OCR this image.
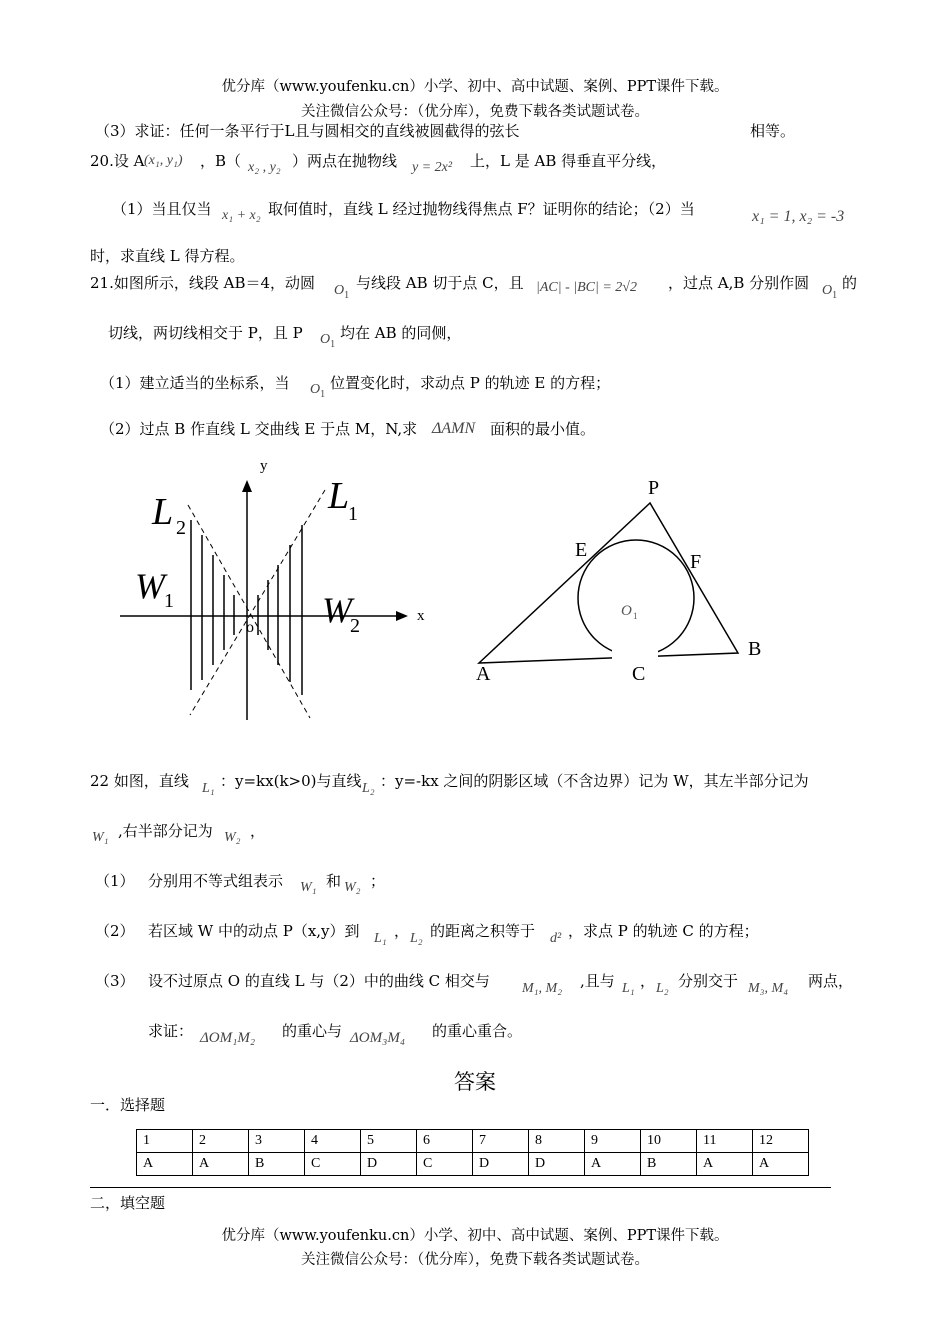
优分库（www.youfenku.cn）小学、初中、高中试题、案例、PPT课件下载。
关注微信公众号：（优分库），免费下载各类试题试卷。
（3）求证：任何一条平行于L且与圆相交的直线被圆截得的弦长	相等。
20.设 A (x₁, y₁) ，B（ x₂ , y₂ ）两点在抛物线 y = 2x² 上，L 是 AB 得垂直平分线，
（1）当且仅当 x₁ + x₂ 取何值时，直线 L 经过抛物线得焦点 F？证明你的结论；（2）当	x₁ = 1, x₂ = -3
时，求直线 L 得方程。
21.如图所示，线段 AB＝4，动圆 $O_1$
与线段 AB 切于点 C，且 |AC| - |BC| = 2√2 ，过点 A,B 分别作圆 $O_1$
的
切线，两切线相交于 P，且 P $O_1$
均在 AB 的同侧，
（1）建立适当的坐标系，当 $O_1$
位置变化时，求动点 P 的轨迹 E 的方程；
（2）过点 B 作直线 L 交曲线 E 于点 M，N,求 ΔAMN 面积的最小值。
y
x
o
L 2
L
1
W 1	W
2
P
E
F
B
A	C
O 1
22 如图，直线 L₁ ：y=kx(k>0)与直线 L₂ ：y=-kx 之间的阴影区域（不含边界）记为 W，其左半部分记为
W₁ ,右半部分记为 W₂ ，
（1） 分别用不等式组表示 W₁ 和 W₂ ；
（2） 若区域 W 中的动点 P（x,y）到 L₁ ， L₂ 的距离之积等于 d² ，求点 P 的轨迹 C 的方程；
（3） 设不过原点 O 的直线 L 与（2）中的曲线 C 相交与 M₁, M₂ ,且与 L₁ ， L₂ 分别交于 M₃, M₄ 两点，
求证： ΔOM₁M₂ 的重心与 ΔOM₃M₄ 的重心重合。
答案
一．选择题
1	2	3	4	5	6	7	8	9	10	11	12
A	A	B	C	D	C	D	D	A	B	A	A
二，填空题
优分库（www.youfenku.cn）小学、初中、高中试题、案例、PPT课件下载。
关注微信公众号：（优分库），免费下载各类试题试卷。
